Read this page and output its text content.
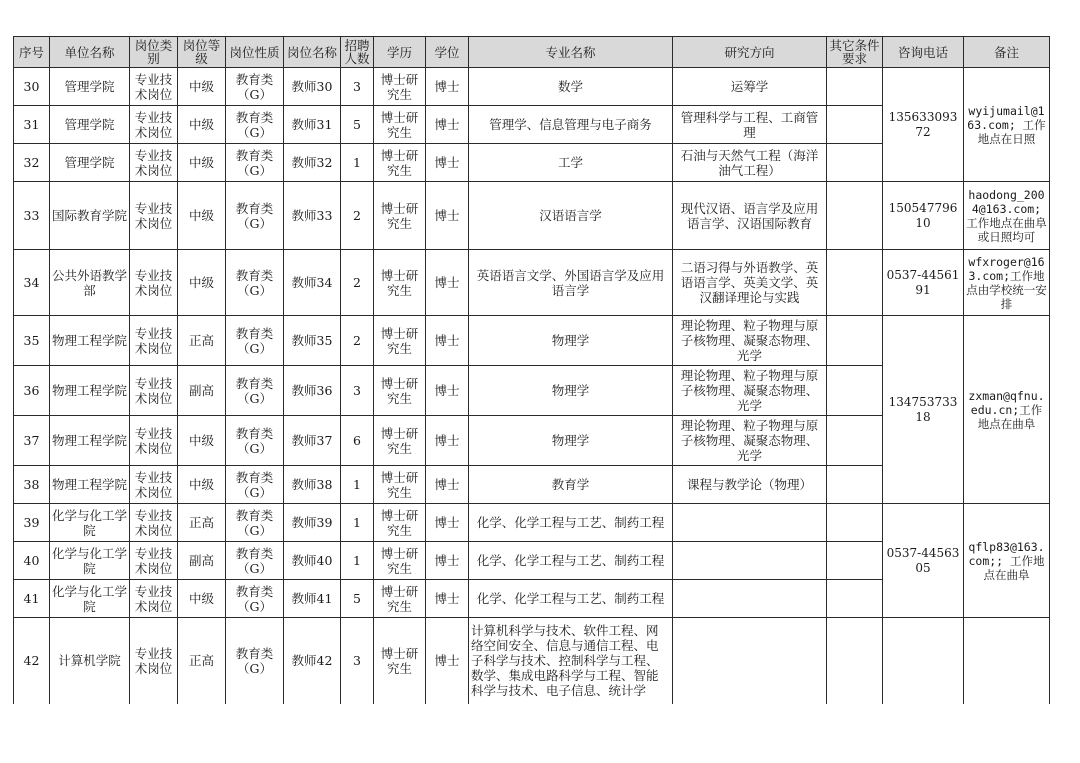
序号	单位名称	岗位类别	岗位等级	岗位性质	岗位名称	招聘人数	学历	学位	专业名称	研究方向	其它条件要求	咨询电话	备注
30	管理学院	专业技术岗位	中级	教育类（G）	教师30	3	博士研究生	博士	数学	运筹学		13563309372	wyijumail@163.com; 工作地点在日照
31	管理学院	专业技术岗位	中级	教育类（G）	教师31	5	博士研究生	博士	管理学、信息管理与电子商务	管理科学与工程、工商管理			
32	管理学院	专业技术岗位	中级	教育类（G）	教师32	1	博士研究生	博士	工学	石油与天然气工程（海洋油气工程）			
33	国际教育学院	专业技术岗位	中级	教育类（G）	教师33	2	博士研究生	博士	汉语语言学	现代汉语、语言学及应用语言学、汉语国际教育		15054779610	haodong_2004@163.com; 工作地点在曲阜或日照均可
34	公共外语教学部	专业技术岗位	中级	教育类（G）	教师34	2	博士研究生	博士	英语语言文学、外国语言学及应用语言学	二语习得与外语教学、英语语言学、英美文学、英汉翻译理论与实践		0537-4456191	wfxroger@163.com;工作地点由学校统一安排
35	物理工程学院	专业技术岗位	正高	教育类（G）	教师35	2	博士研究生	博士	物理学	理论物理、粒子物理与原子核物理、凝聚态物理、光学		13475373318	zxman@qfnu.edu.cn;工作地点在曲阜
36	物理工程学院	专业技术岗位	副高	教育类（G）	教师36	3	博士研究生	博士	物理学	理论物理、粒子物理与原子核物理、凝聚态物理、光学			
37	物理工程学院	专业技术岗位	中级	教育类（G）	教师37	6	博士研究生	博士	物理学	理论物理、粒子物理与原子核物理、凝聚态物理、光学			
38	物理工程学院	专业技术岗位	中级	教育类（G）	教师38	1	博士研究生	博士	教育学	课程与教学论（物理）			
39	化学与化工学院	专业技术岗位	正高	教育类（G）	教师39	1	博士研究生	博士	化学、化学工程与工艺、制药工程			0537-4456305	qflp83@163.com;; 工作地点在曲阜
40	化学与化工学院	专业技术岗位	副高	教育类（G）	教师40	1	博士研究生	博士	化学、化学工程与工艺、制药工程				
41	化学与化工学院	专业技术岗位	中级	教育类（G）	教师41	5	博士研究生	博士	化学、化学工程与工艺、制药工程				
42	计算机学院	专业技术岗位	正高	教育类（G）	教师42	3	博士研究生	博士	计算机科学与技术、软件工程、网络空间安全、信息与通信工程、电子科学与技术、控制科学与工程、数学、集成电路科学与工程、智能科学与技术、电子信息、统计学				
